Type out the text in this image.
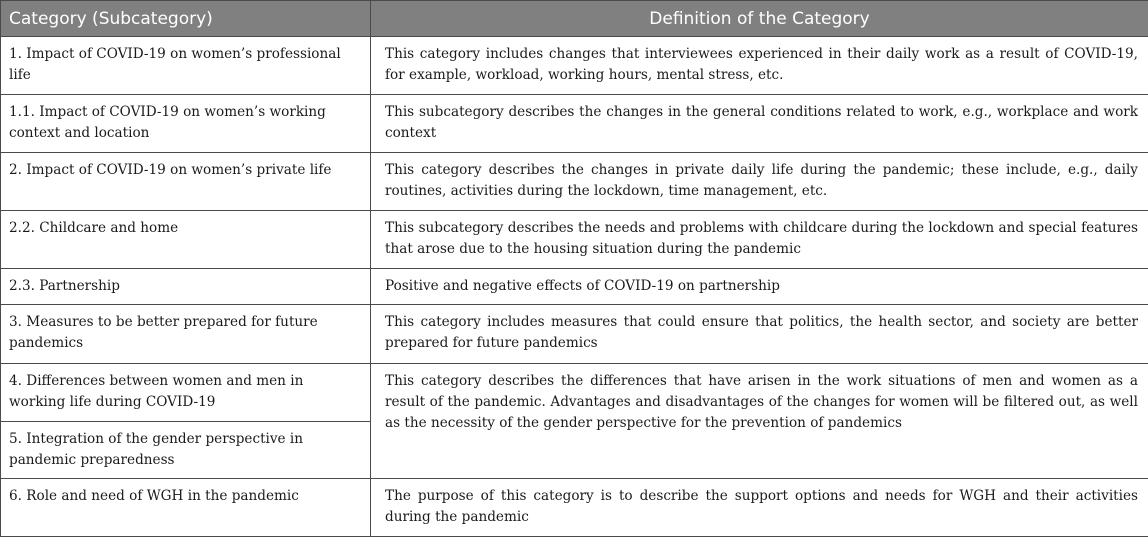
Category (Subcategory)	Definition of the Category
1. Impact of COVID-19 on women’s professional life	This category includes changes that interviewees experienced in their daily work as a result of COVID-19, for example, workload, working hours, mental stress, etc.
1.1. Impact of COVID-19 on women’s working context and location	This subcategory describes the changes in the general conditions related to work, e.g., workplace and work context
2. Impact of COVID-19 on women’s private life	This category describes the changes in private daily life during the pandemic; these include, e.g., daily routines, activities during the lockdown, time management, etc.
2.2. Childcare and home	This subcategory describes the needs and problems with childcare during the lockdown and special features that arose due to the housing situation during the pandemic
2.3. Partnership	Positive and negative effects of COVID-19 on partnership
3. Measures to be better prepared for future pandemics	This category includes measures that could ensure that politics, the health sector, and society are better prepared for future pandemics
4. Differences between women and men in working life during COVID-19	This category describes the differences that have arisen in the work situations of men and women as a result of the pandemic. Advantages and disadvantages of the changes for women will be filtered out, as well as the necessity of the gender perspective for the prevention of pandemics
5. Integration of the gender perspective in pandemic preparedness	
6. Role and need of WGH in the pandemic	The purpose of this category is to describe the support options and needs for WGH and their activities during the pandemic
